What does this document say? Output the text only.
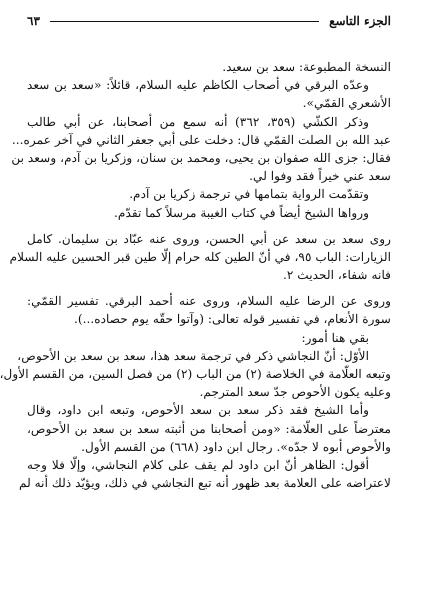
الجزء التاسع
٦٣
النسخة المطبوعة: سعد بن سعيد.
وعدّه البرقي في أصحاب الكاظم عليه السلام، قائلاً: «سعد بن سعد
الأشعري القمّي».
وذكر الكشّي (٣٥٩، ٣٦٢) أنه سمع من أصحابنا، عن أبي طالب
عبد الله بن الصلت القمّي قال: دخلت على أبي جعفر الثاني في آخر عمره...
فقال: جزى الله صفوان بن يحيى، ومحمد بن سنان، وزكريا بن آدم، وسعد بن
سعد عني خيراً فقد وفوا لي.
وتقدّمت الرواية بتمامها في ترجمة زكريا بن آدم.
ورواها الشيخ أيضاً في كتاب الغيبة مرسلاً كما تقدّم.
روى سعد بن سعد عن أبي الحسن، وروى عنه عبّاد بن سليمان. كامل
الزيارات: الباب ٩٥، في أنّ الطين كله حرام إلّا طين قبر الحسين عليه السلام
فانه شفاء، الحديث ٢.
وروى عن الرضا عليه السلام، وروى عنه أحمد البرقي. تفسير القمّي:
سورة الأنعام، في تفسير قوله تعالى: (وآتوا حقّه يوم حصاده...).
بقي هنا أمور:
الأوّل: أنّ النجاشي ذكر في ترجمة سعد هذا، سعد بن سعد بن الأحوص،
وتبعه العلّامة في الخلاصة (٢) من الباب (٢) من فصل السين، من القسم الأول،
وعليه يكون الأحوص جدّ سعد المترجم.
وأما الشيخ فقد ذكر سعد بن سعد الأحوص، وتبعه ابن داود، وقال
معترضاً على العلّامة: «ومن أصحابنا من أثبته سعد بن سعد بن الأحوص،
والأحوص أبوه لا جدّه». رجال ابن داود (٦٦٨) من القسم الأول.
أقول: الظاهر أنّ ابن داود لم يقف على كلام النجاشي، وإلّا فلا وجه
لاعتراضه على العلامة بعد ظهور أنه تبع النجاشي في ذلك، ويؤيّد ذلك أنه لم
